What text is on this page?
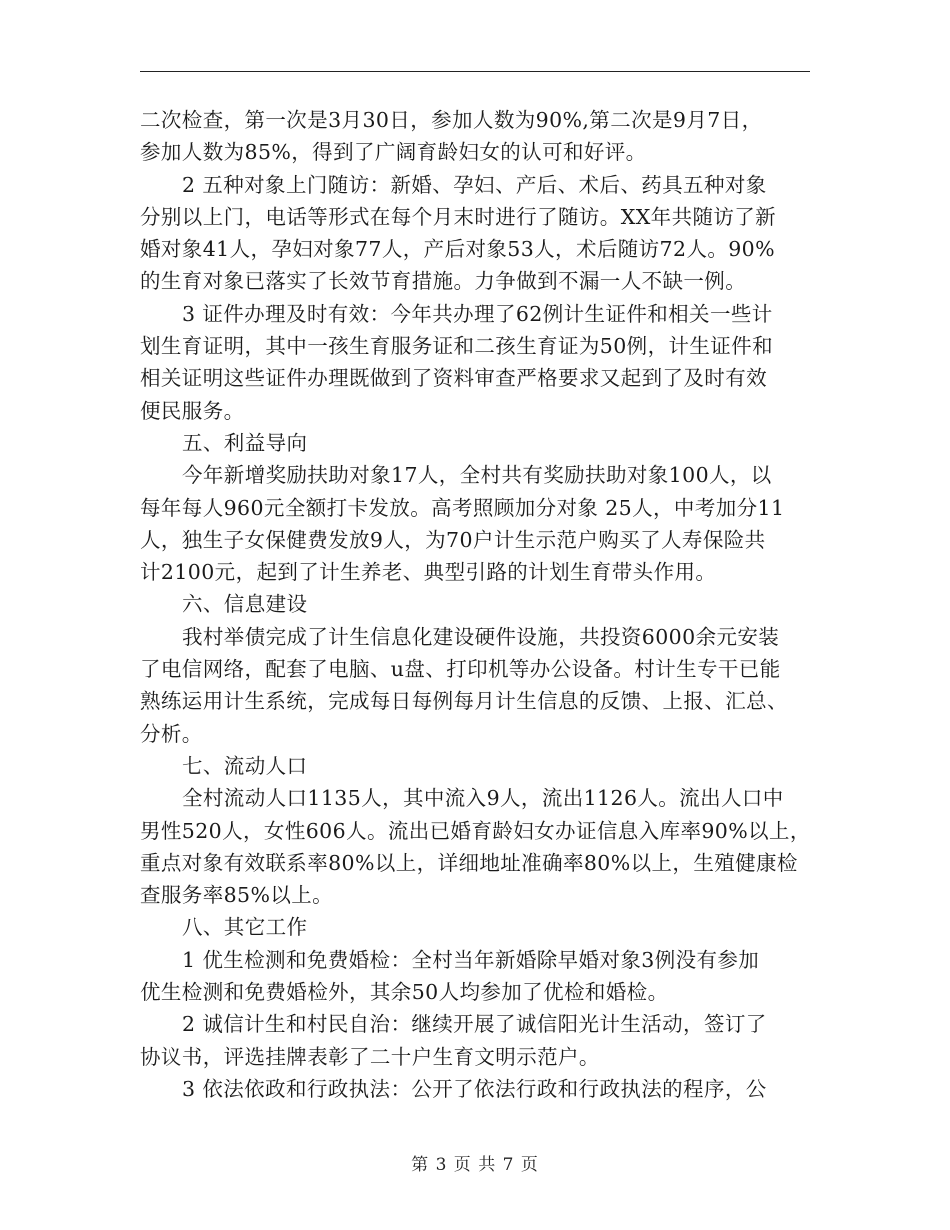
二次检查，第一次是3月30日，参加人数为90%,第二次是9月7日，
参加人数为85%，得到了广阔育龄妇女的认可和好评。
2 五种对象上门随访：新婚、孕妇、产后、术后、药具五种对象
分别以上门，电话等形式在每个月末时进行了随访。XX年共随访了新
婚对象41人，孕妇对象77人，产后对象53人，术后随访72人。90%
的生育对象已落实了长效节育措施。力争做到不漏一人不缺一例。
3 证件办理及时有效：今年共办理了62例计生证件和相关一些计
划生育证明，其中一孩生育服务证和二孩生育证为50例，计生证件和
相关证明这些证件办理既做到了资料审查严格要求又起到了及时有效
便民服务。
五、利益导向
今年新增奖励扶助对象17人，全村共有奖励扶助对象100人，以
每年每人960元全额打卡发放。高考照顾加分对象 25人，中考加分11
人，独生子女保健费发放9人，为70户计生示范户购买了人寿保险共
计2100元，起到了计生养老、典型引路的计划生育带头作用。
六、信息建设
我村举债完成了计生信息化建设硬件设施，共投资6000余元安装
了电信网络，配套了电脑、u盘、打印机等办公设备。村计生专干已能
熟练运用计生系统，完成每日每例每月计生信息的反馈、上报、汇总、
分析。
七、流动人口
全村流动人口1135人，其中流入9人，流出1126人。流出人口中
男性520人，女性606人。流出已婚育龄妇女办证信息入库率90%以上，
重点对象有效联系率80%以上，详细地址准确率80%以上，生殖健康检
查服务率85%以上。
八、其它工作
1 优生检测和免费婚检：全村当年新婚除早婚对象3例没有参加
优生检测和免费婚检外，其余50人均参加了优检和婚检。
2 诚信计生和村民自治：继续开展了诚信阳光计生活动，签订了
协议书，评选挂牌表彰了二十户生育文明示范户。
3 依法依政和行政执法：公开了依法行政和行政执法的程序，公
第 3 页 共 7 页
